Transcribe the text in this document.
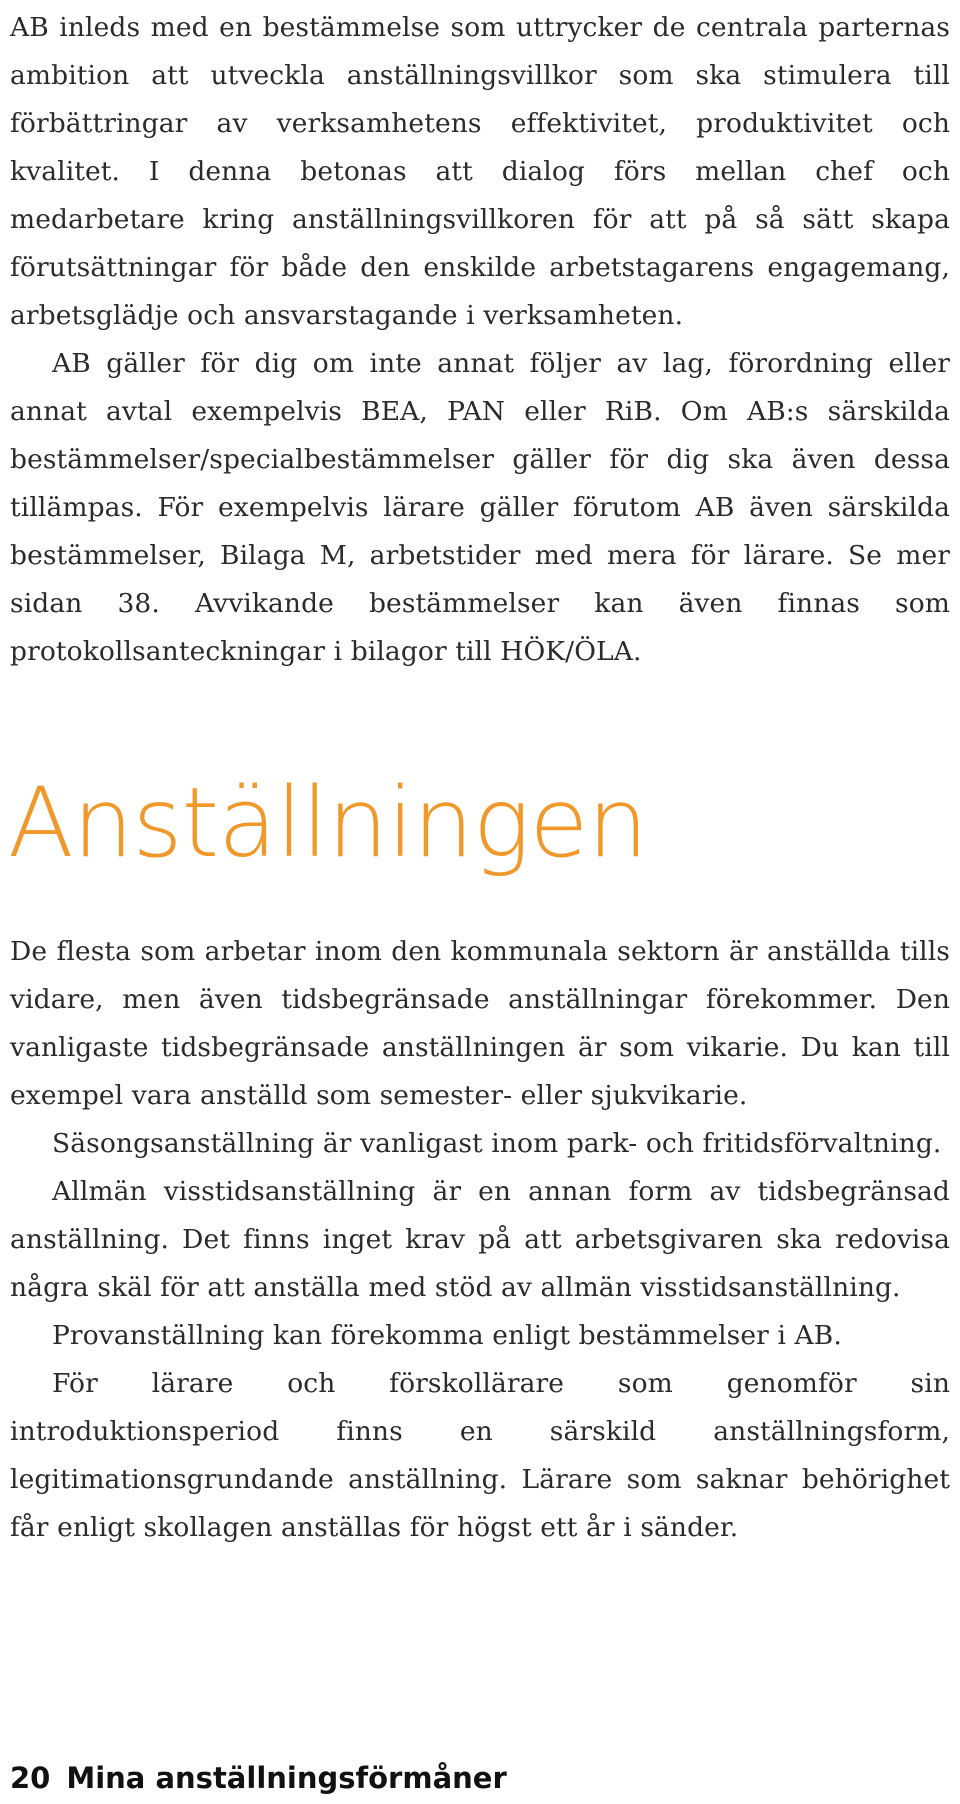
AB inleds med en bestämmelse som uttrycker de centrala parternas ambition att utveckla anställningsvillkor som ska stimulera till förbättringar av verksamhetens effektivitet, produktivitet och kvalitet. I denna betonas att dialog förs mellan chef och medarbetare kring anställningsvillkoren för att på så sätt skapa förutsättningar för både den enskilde arbetstagarens engagemang, arbetsglädje och ansvarstagande i verksamheten.

AB gäller för dig om inte annat följer av lag, förordning eller annat avtal exempelvis BEA, PAN eller RiB. Om AB:s särskilda bestämmelser/specialbestämmelser gäller för dig ska även dessa tillämpas. För exempelvis lärare gäller förutom AB även särskilda bestämmelser, Bilaga M, arbetstider med mera för lärare. Se mer sidan 38. Avvikande bestämmelser kan även finnas som protokollsanteckningar i bilagor till HÖK/ÖLA.

Anställningen

De flesta som arbetar inom den kommunala sektorn är anställda tills vidare, men även tidsbegränsade anställningar förekommer. Den vanligaste tidsbegränsade anställningen är som vikarie. Du kan till exempel vara anställd som semester- eller sjukvikarie.

Säsongsanställning är vanligast inom park- och fritidsförvaltning.

Allmän visstidsanställning är en annan form av tidsbegränsad anställning. Det finns inget krav på att arbetsgivaren ska redovisa några skäl för att anställa med stöd av allmän visstidsanställning.

Provanställning kan förekomma enligt bestämmelser i AB.

För lärare och förskollärare som genomför sin introduktionsperiod finns en särskild anställningsform, legitimationsgrundande anställning. Lärare som saknar behörighet får enligt skollagen anställas för högst ett år i sänder.

20 Mina anställningsförmåner
